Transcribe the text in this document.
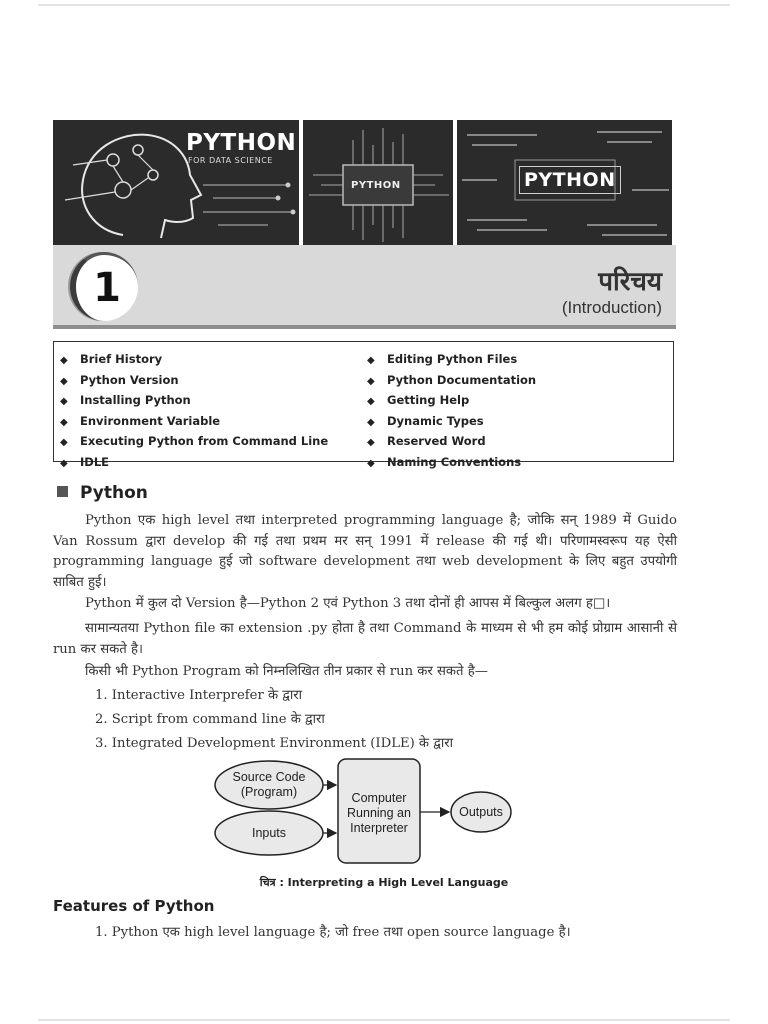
PYTHON
FOR DATA SCIENCE
PYTHON	PYTHON
1	परिचय
(Introduction)
◆ Brief History
◆ Python Version
◆ Installing Python
◆ Environment Variable
◆ Executing Python from Command Line
◆ IDLE
◆ Editing Python Files
◆ Python Documentation
◆ Getting Help
◆ Dynamic Types
◆ Reserved Word
◆ Naming Conventions
Python
Python एक high level तथा interpreted programming language है; जोकि सन् 1989 में Guido Van Rossum द्वारा develop की गई तथा प्रथम मर सन् 1991 में release की गई थी। परिणामस्वरूप यह ऐसी programming language हुई जो software development तथा web development के लिए बहुत उपयोगी साबित हुई।
Python में कुल दो Version है—Python 2 एवं Python 3 तथा दोनों ही आपस में बिल्कुल अलग ह□।
सामान्यतया Python file का extension .py होता है तथा Command के माध्यम से भी हम कोई प्रोग्राम आसानी से run कर सकते है।
किसी भी Python Program को निम्नलिखित तीन प्रकार से run कर सकते है—
1. Interactive Interprefer के द्वारा
2. Script from command line के द्वारा
3. Integrated Development Environment (IDLE) के द्वारा
Source Code
(Program)
Inputs
Computer
Running an
Interpreter
Outputs
चित्र : Interpreting a High Level Language
Features of Python
1. Python एक high level language है; जो free तथा open source language है।
